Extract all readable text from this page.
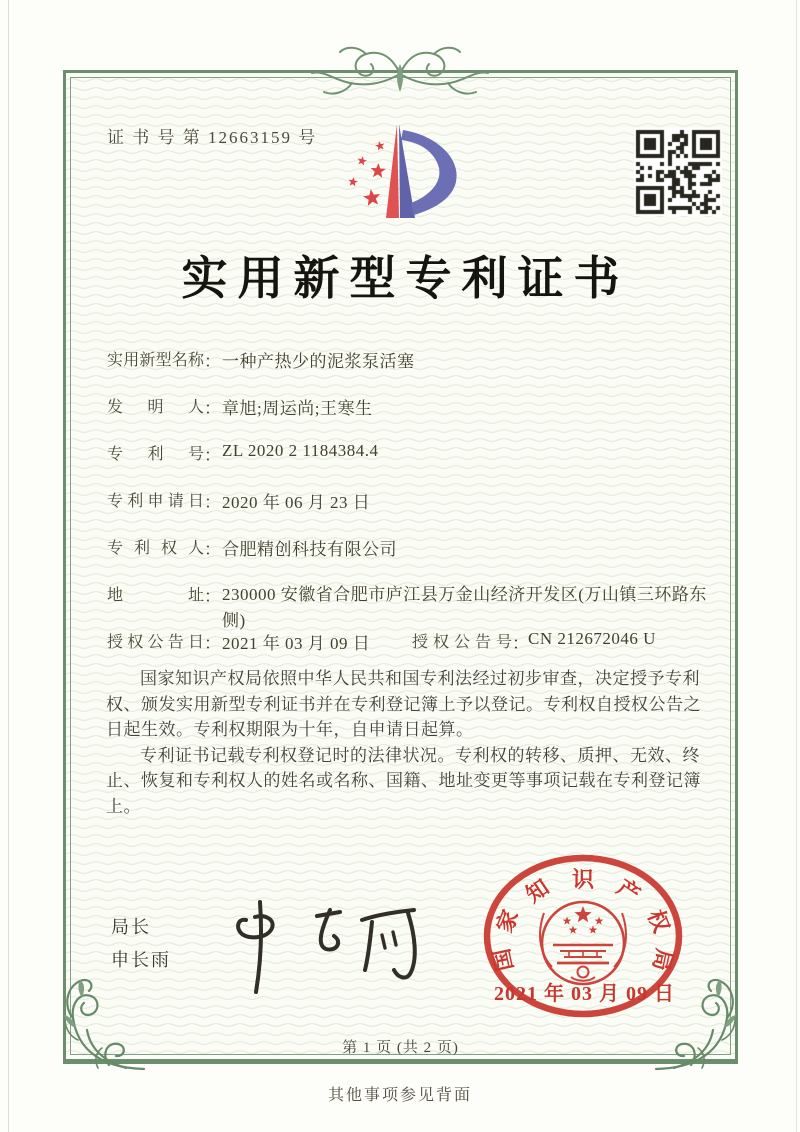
证 书 号 第 12663159 号
实用新型专利证书
实用新型名称：一种产热少的泥浆泵活塞
发明人：章旭;周运尚;王寒生
专利号：ZL 2020 2 1184384.4
专利申请日：2020 年 06 月 23 日
专利权人：合肥精创科技有限公司
地址：230000 安徽省合肥市庐江县万金山经济开发区(万山镇三环路东侧)
授权公告日：2021 年 03 月 09 日	授权公告号：CN 212672046 U

国家知识产权局依照中华人民共和国专利法经过初步审查，决定授予专利权、颁发实用新型专利证书并在专利登记簿上予以登记。专利权自授权公告之日起生效。专利权期限为十年，自申请日起算。

专利证书记载专利权登记时的法律状况。专利权的转移、质押、无效、终止、恢复和专利权人的姓名或名称、国籍、地址变更等事项记载在专利登记簿上。

局长
申长雨	国
家
知 识 产
权
局
2021 年 03 月 09 日
第 1 页 (共 2 页)
其他事项参见背面
